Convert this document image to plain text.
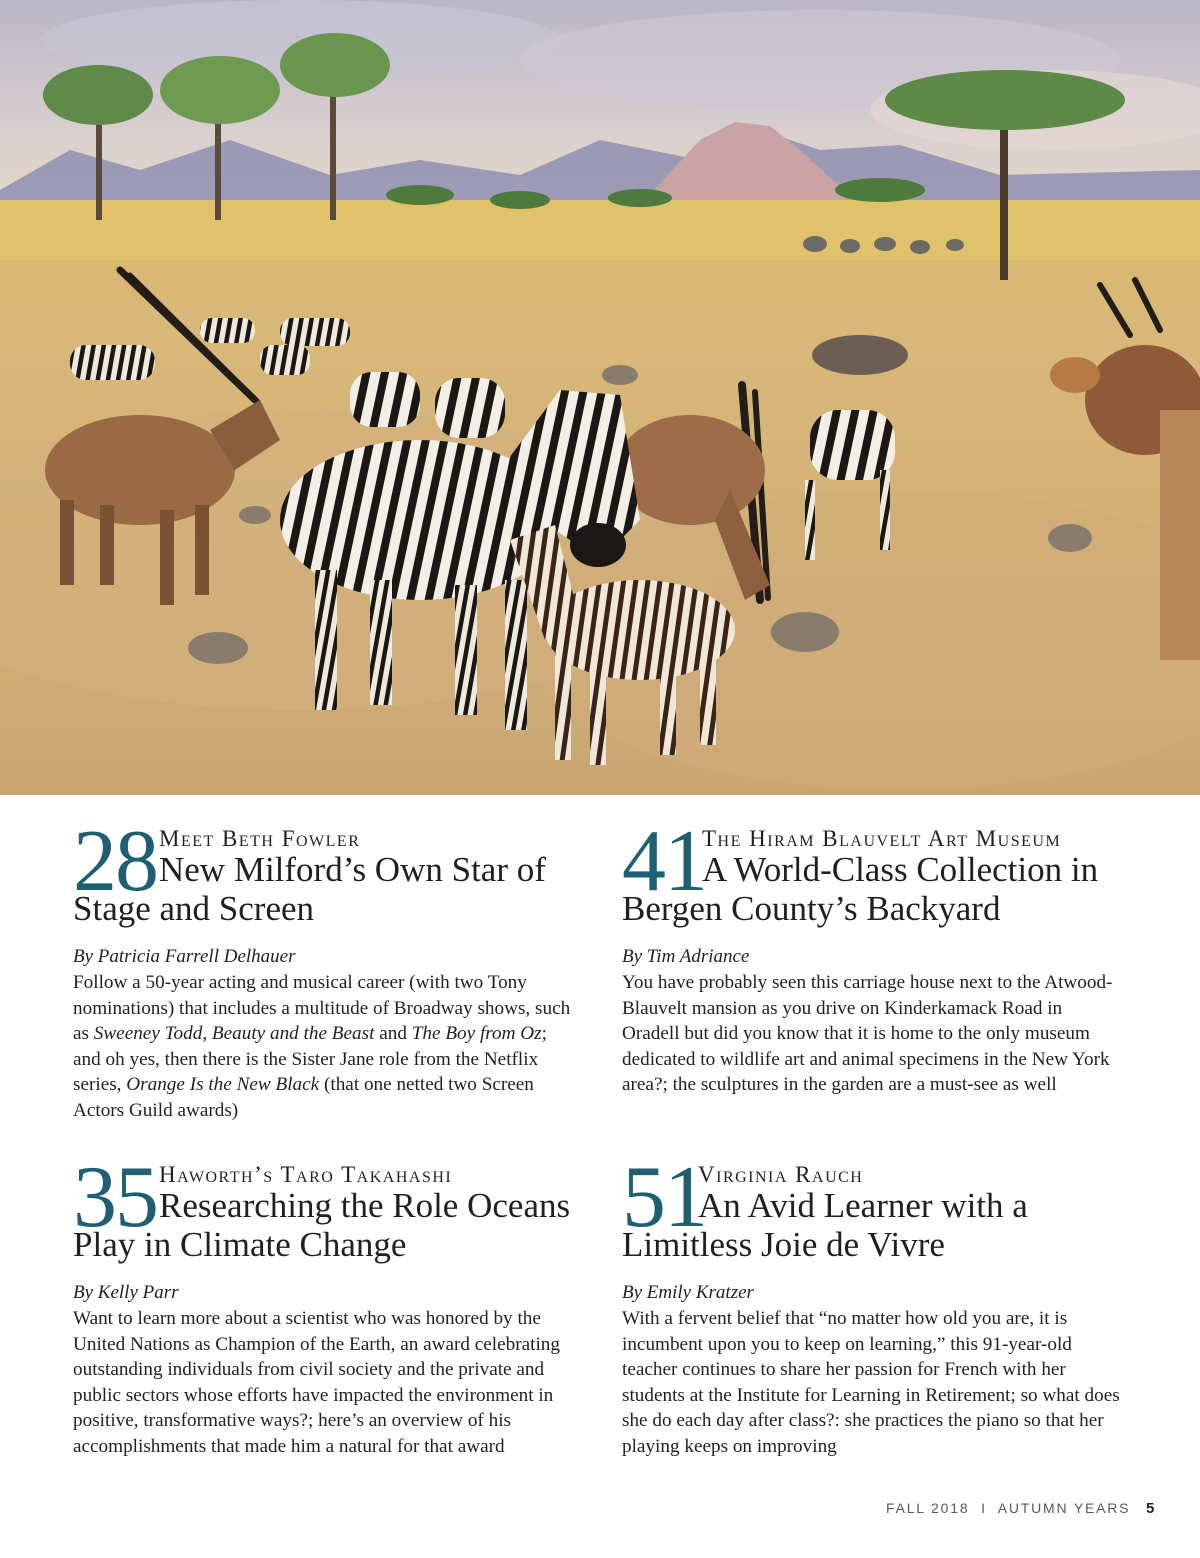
28 Meet Beth Fowler

New Milford’s Own Star of

Stage and Screen

By Patricia Farrell Delhauer
Follow a 50-year acting and musical career (with two Tony nominations) that includes a multitude of Broadway shows, such as Sweeney Todd, Beauty and the Beast and The Boy from Oz; and oh yes, then there is the Sister Jane role from the Netflix series, Orange Is the New Black (that one netted two Screen Actors Guild awards)
41

The Hiram Blauvelt Art Museum

A World-Class Collection in

Bergen County’s Backyard

By Tim Adriance
You have probably seen this carriage house next to the Atwood-Blauvelt mansion as you drive on Kinderkamack Road in Oradell but did you know that it is home to the only museum dedicated to wildlife art and animal specimens in the New York area?; the sculptures in the garden are a must-see as well
35 Haworth’s Taro Takahashi

Researching the Role Oceans

Play in Climate Change

By Kelly Parr
Want to learn more about a scientist who was honored by the United Nations as Champion of the Earth, an award celebrating outstanding individuals from civil society and the private and public sectors whose efforts have impacted the environment in positive, transformative ways?; here’s an overview of his accomplishments that made him a natural for that award
51

Virginia Rauch

An Avid Learner with a

Limitless Joie de Vivre

By Emily Kratzer
With a fervent belief that “no matter how old you are, it is incumbent upon you to keep on learning,” this 91-year-old teacher continues to share her passion for French with her students at the Institute for Learning in Retirement; so what does she do each day after class?: she practices the piano so that her playing keeps on improving
FALL 2018 I AUTUMN YEARS 5
